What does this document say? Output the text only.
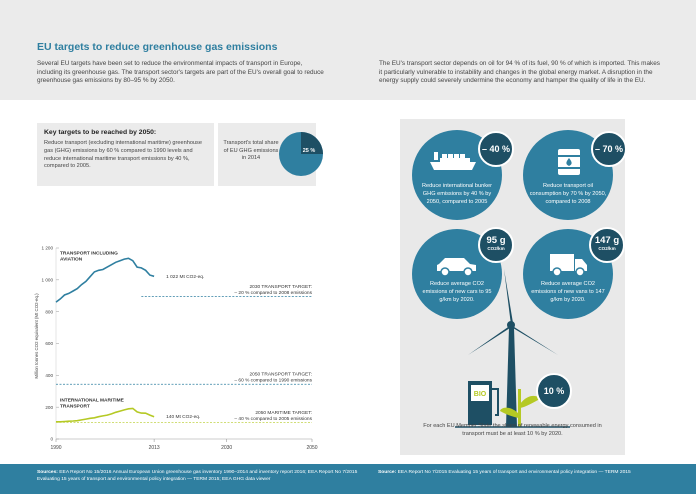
EU targets to reduce greenhouse gas emissions
Several EU targets have been set to reduce the environmental impacts of transport in Europe, including its greenhouse gas. The transport sector's targets are part of the EU's overall goal to reduce greenhouse gas emissions by 80–95 % by 2050.
The EU's transport sector depends on oil for 94 % of its fuel, 90 % of which is imported. This makes it particularly vulnerable to instability and changes in the global energy market. A disruption in the energy supply could severely undermine the economy and hamper the quality of life in the EU.
Key targets to be reached by 2050:
Reduce transport (excluding international maritime) greenhouse gas (GHG) emissions by 60 % compared to 1990 levels and reduce international maritime transport emissions by 40 %, compared to 2005.
Transport's total share of EU GHG emissions in 2014
25 %
0
200
400
600
800
1 000
1 200
1990	2013	2030	2050
Million tonnes CO2 equivalent (Mt CO2-eq.)
2030 TRANSPORT TARGET:
– 20 % compared to 2008 emissions
2050 TRANSPORT TARGET:
– 60 % compared to 1990 emissions
2050 MARITIME TARGET:
– 40 % compared to 2005 emissions
1 022 Mt CO2-eq.
TRANSPORT INCLUDING AVIATION
140 Mt CO2-eq.
INTERNATIONAL MARITIME TRANSPORT
BIO
Reduce international bunker GHG emissions by 40 % by 2050, compared to 2005
Reduce transport oil consumption by 70 % by 2050, compared to 2008
Reduce average CO2 emissions of new cars to 95 g/km by 2020.
Reduce average CO2 emissions of new vans to 147 g/km by 2020.
– 40 %	– 70 %
95 g
CO2/km
147 g
CO2/km
10 %
For each EU Member State the share of renewable energy consumed in transport must be at least 10 % by 2020.
Sources: EEA Report No 15/2016 Annual European Union greenhouse gas inventory 1990–2014 and inventory report 2016; EEA Report No 7/2015 Evaluating 15 years of transport and environmental policy integration — TERM 2015; EEA GHG data viewer
Source: EEA Report No 7/2015 Evaluating 15 years of transport and environmental policy integration — TERM 2015
